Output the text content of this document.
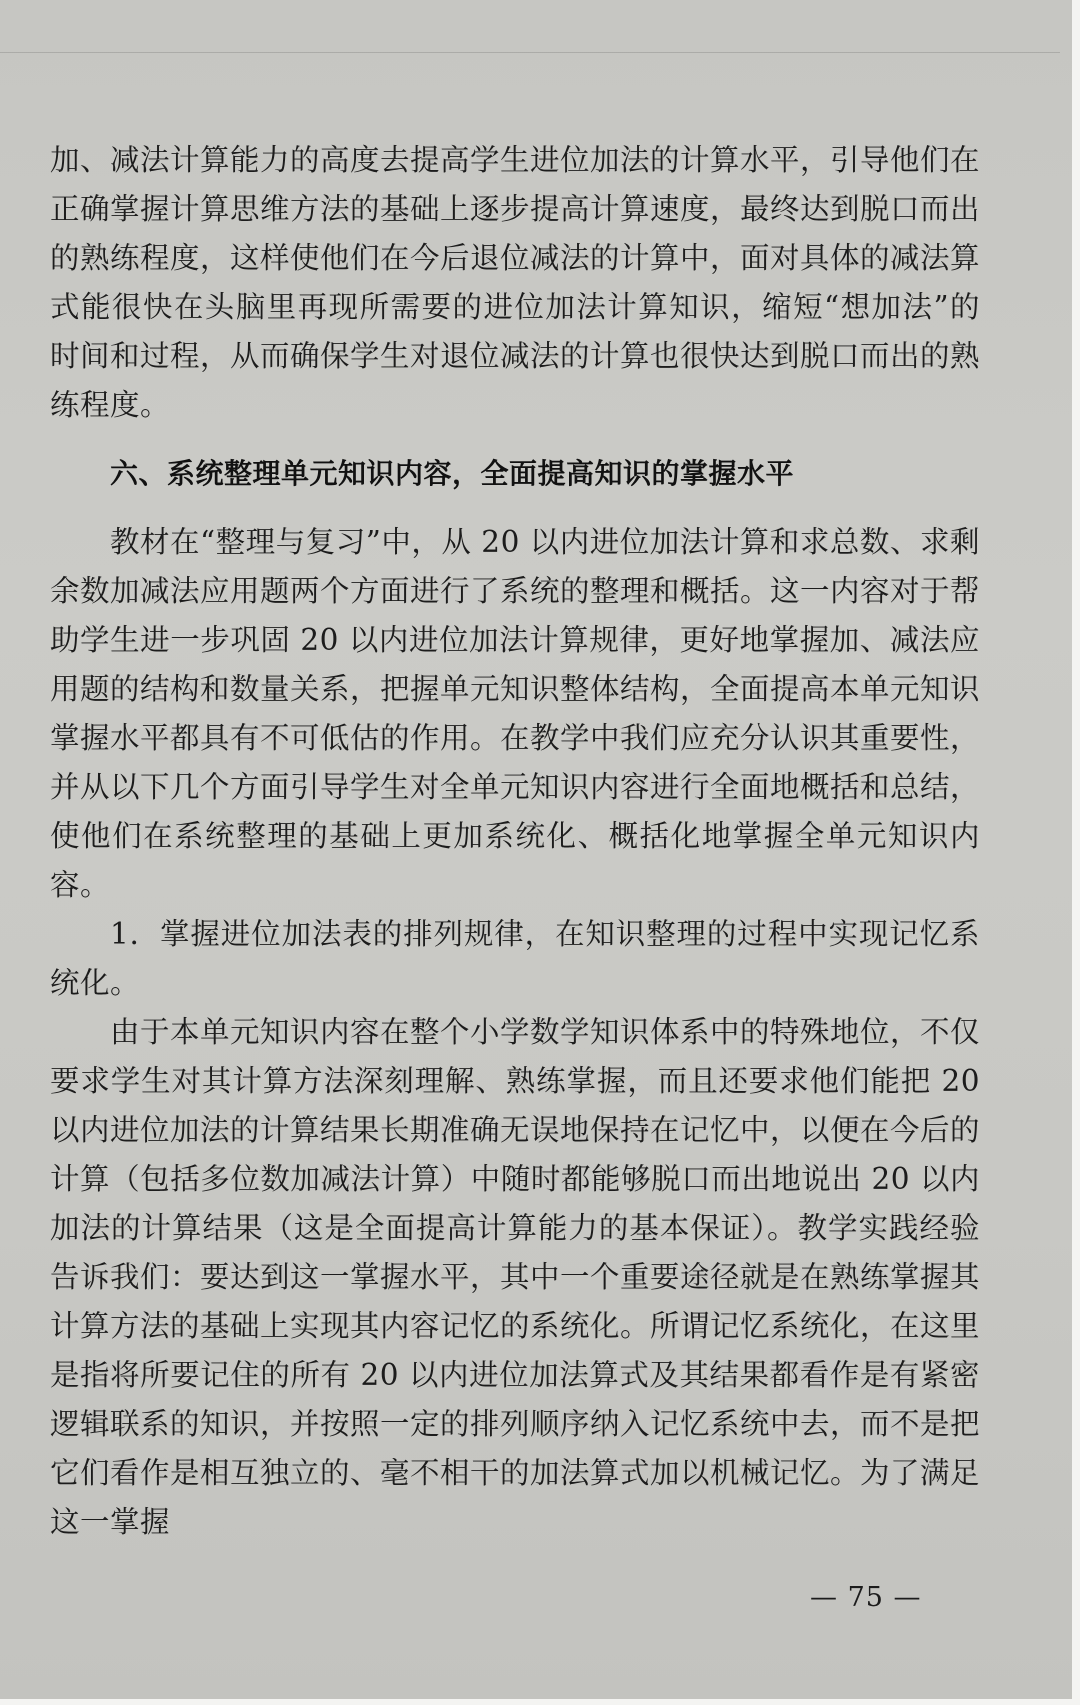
加、减法计算能力的高度去提高学生进位加法的计算水平，引导他们在正确掌握计算思维方法的基础上逐步提高计算速度，最终达到脱口而出的熟练程度，这样使他们在今后退位减法的计算中，面对具体的减法算式能很快在头脑里再现所需要的进位加法计算知识，缩短“想加法”的时间和过程，从而确保学生对退位减法的计算也很快达到脱口而出的熟练程度。

六、系统整理单元知识内容，全面提高知识的掌握水平

教材在“整理与复习”中，从 20 以内进位加法计算和求总数、求剩余数加减法应用题两个方面进行了系统的整理和概括。这一内容对于帮助学生进一步巩固 20 以内进位加法计算规律，更好地掌握加、减法应用题的结构和数量关系，把握单元知识整体结构，全面提高本单元知识掌握水平都具有不可低估的作用。在教学中我们应充分认识其重要性，并从以下几个方面引导学生对全单元知识内容进行全面地概括和总结，使他们在系统整理的基础上更加系统化、概括化地掌握全单元知识内容。

1．掌握进位加法表的排列规律，在知识整理的过程中实现记忆系统化。

由于本单元知识内容在整个小学数学知识体系中的特殊地位，不仅要求学生对其计算方法深刻理解、熟练掌握，而且还要求他们能把 20 以内进位加法的计算结果长期准确无误地保持在记忆中，以便在今后的计算（包括多位数加减法计算）中随时都能够脱口而出地说出 20 以内加法的计算结果（这是全面提高计算能力的基本保证）。教学实践经验告诉我们：要达到这一掌握水平，其中一个重要途径就是在熟练掌握其计算方法的基础上实现其内容记忆的系统化。所谓记忆系统化，在这里是指将所要记住的所有 20 以内进位加法算式及其结果都看作是有紧密逻辑联系的知识，并按照一定的排列顺序纳入记忆系统中去，而不是把它们看作是相互独立的、毫不相干的加法算式加以机械记忆。为了满足这一掌握

— 75 —
